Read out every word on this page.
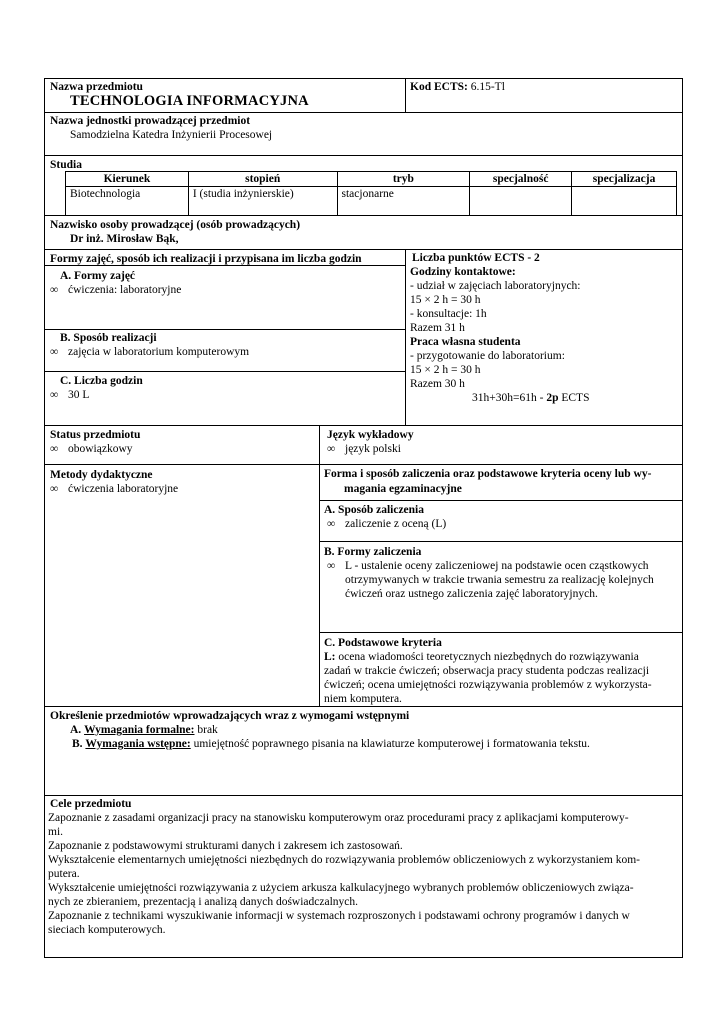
Nazwa przedmiotu
TECHNOLOGIA INFORMACYJNA
Kod ECTS: 6.15-Tl
Nazwa jednostki prowadzącej przedmiot
Samodzielna Katedra Inżynierii Procesowej
Studia
Kierunek	stopień	tryb	specjalność	specjalizacja
Biotechnologia	I (studia inżynierskie)	stacjonarne		
Nazwisko osoby prowadzącej (osób prowadzących)
Dr inż. Mirosław Bąk,
Formy zajęć, sposób ich realizacji i przypisana im liczba godzin
A. Formy zajęć
∞ ćwiczenia: laboratoryjne
B. Sposób realizacji
∞ zajęcia w laboratorium komputerowym
C. Liczba godzin
∞ 30 L
Liczba punktów ECTS - 2
Godziny kontaktowe:
- udział w zajęciach laboratoryjnych:
15 × 2 h = 30 h
- konsultacje: 1h
Razem 31 h
Praca własna studenta
- przygotowanie do laboratorium:
15 × 2 h = 30 h
Razem 30 h
31h+30h=61h - 2p ECTS
Status przedmiotu
∞ obowiązkowy
Język wykładowy
∞ język polski
Metody dydaktyczne
∞ ćwiczenia laboratoryjne
Forma i sposób zaliczenia oraz podstawowe kryteria oceny lub wy-
magania egzaminacyjne
A. Sposób zaliczenia
∞ zaliczenie z oceną (L)
B. Formy zaliczenia
∞ L - ustalenie oceny zaliczeniowej na podstawie ocen cząstkowych
otrzymywanych w trakcie trwania semestru za realizację kolejnych
ćwiczeń oraz ustnego zaliczenia zajęć laboratoryjnych.
C. Podstawowe kryteria
L: ocena wiadomości teoretycznych niezbędnych do rozwiązywania
zadań w trakcie ćwiczeń; obserwacja pracy studenta podczas realizacji
ćwiczeń; ocena umiejętności rozwiązywania problemów z wykorzysta-
niem komputera.
Określenie przedmiotów wprowadzających wraz z wymogami wstępnymi
A. Wymagania formalne: brak
B. Wymagania wstępne: umiejętność poprawnego pisania na klawiaturze komputerowej i formatowania tekstu.
Cele przedmiotu
Zapoznanie z zasadami organizacji pracy na stanowisku komputerowym oraz procedurami pracy z aplikacjami komputerowy-
mi.
Zapoznanie z podstawowymi strukturami danych i zakresem ich zastosowań.
Wykształcenie elementarnych umiejętności niezbędnych do rozwiązywania problemów obliczeniowych z wykorzystaniem kom-
putera.
Wykształcenie umiejętności rozwiązywania z użyciem arkusza kalkulacyjnego wybranych problemów obliczeniowych związa-
nych ze zbieraniem, prezentacją i analizą danych doświadczalnych.
Zapoznanie z technikami wyszukiwanie informacji w systemach rozproszonych i podstawami ochrony programów i danych w
sieciach komputerowych.
